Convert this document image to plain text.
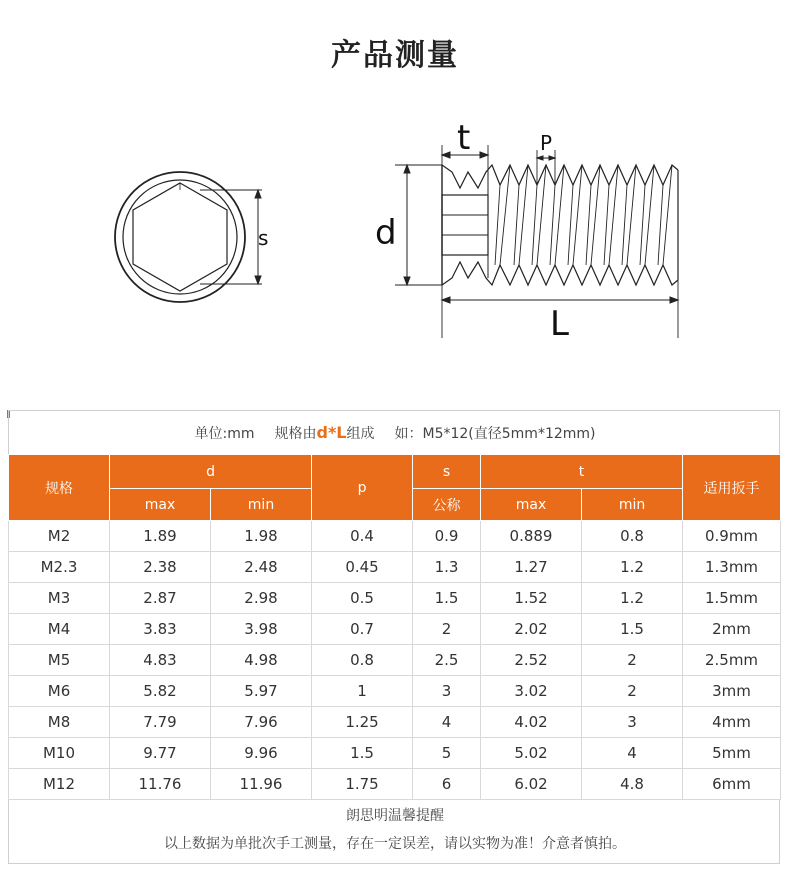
产品测量
s
t	P
d
L
单位:mm 规格由d*L组成 如：M5*12(直径5mm*12mm)
规格	d		p	s	t		适用扳手
	max	min		公称	max	min	
M2	1.89	1.98	0.4	0.9	0.889	0.8	0.9mm
M2.3	2.38	2.48	0.45	1.3	1.27	1.2	1.3mm
M3	2.87	2.98	0.5	1.5	1.52	1.2	1.5mm
M4	3.83	3.98	0.7	2	2.02	1.5	2mm
M5	4.83	4.98	0.8	2.5	2.52	2	2.5mm
M6	5.82	5.97	1	3	3.02	2	3mm
M8	7.79	7.96	1.25	4	4.02	3	4mm
M10	9.77	9.96	1.5	5	5.02	4	5mm
M12	11.76	11.96	1.75	6	6.02	4.8	6mm
朗思明温馨提醒
以上数据为单批次手工测量，存在一定误差，请以实物为准！介意者慎拍。
